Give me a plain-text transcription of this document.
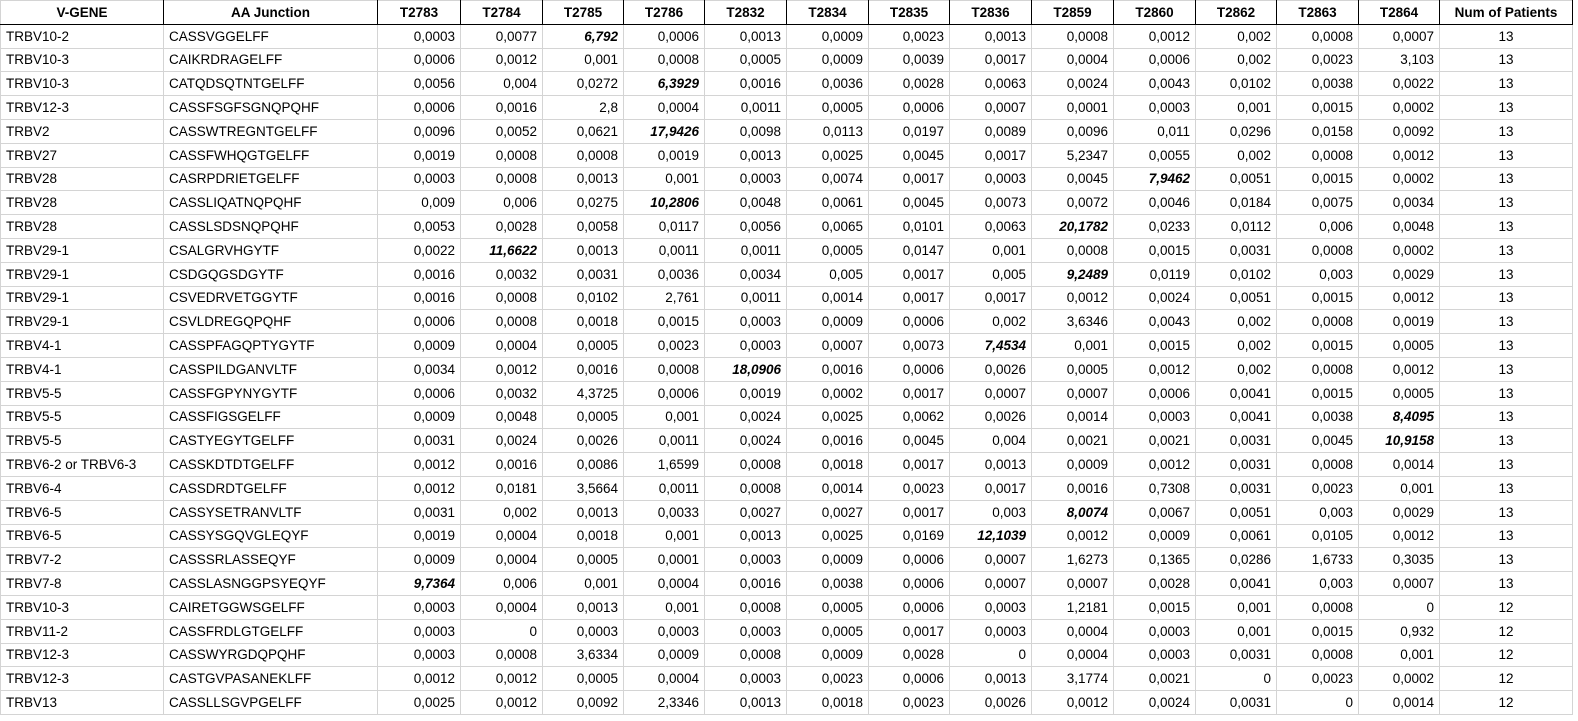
V-GENE	AA Junction	T2783	T2784	T2785	T2786	T2832	T2834	T2835	T2836	T2859	T2860	T2862	T2863	T2864	Num of Patients
TRBV10-2	CASSVGGELFF	0,0003	0,0077	6,792	0,0006	0,0013	0,0009	0,0023	0,0013	0,0008	0,0012	0,002	0,0008	0,0007	13
TRBV10-3	CAIKRDRAGELFF	0,0006	0,0012	0,001	0,0008	0,0005	0,0009	0,0039	0,0017	0,0004	0,0006	0,002	0,0023	3,103	13
TRBV10-3	CATQDSQTNTGELFF	0,0056	0,004	0,0272	6,3929	0,0016	0,0036	0,0028	0,0063	0,0024	0,0043	0,0102	0,0038	0,0022	13
TRBV12-3	CASSFSGFSGNQPQHF	0,0006	0,0016	2,8	0,0004	0,0011	0,0005	0,0006	0,0007	0,0001	0,0003	0,001	0,0015	0,0002	13
TRBV2	CASSWTREGNTGELFF	0,0096	0,0052	0,0621	17,9426	0,0098	0,0113	0,0197	0,0089	0,0096	0,011	0,0296	0,0158	0,0092	13
TRBV27	CASSFWHQGTGELFF	0,0019	0,0008	0,0008	0,0019	0,0013	0,0025	0,0045	0,0017	5,2347	0,0055	0,002	0,0008	0,0012	13
TRBV28	CASRPDRIETGELFF	0,0003	0,0008	0,0013	0,001	0,0003	0,0074	0,0017	0,0003	0,0045	7,9462	0,0051	0,0015	0,0002	13
TRBV28	CASSLIQATNQPQHF	0,009	0,006	0,0275	10,2806	0,0048	0,0061	0,0045	0,0073	0,0072	0,0046	0,0184	0,0075	0,0034	13
TRBV28	CASSLSDSNQPQHF	0,0053	0,0028	0,0058	0,0117	0,0056	0,0065	0,0101	0,0063	20,1782	0,0233	0,0112	0,006	0,0048	13
TRBV29-1	CSALGRVHGYTF	0,0022	11,6622	0,0013	0,0011	0,0011	0,0005	0,0147	0,001	0,0008	0,0015	0,0031	0,0008	0,0002	13
TRBV29-1	CSDGQGSDGYTF	0,0016	0,0032	0,0031	0,0036	0,0034	0,005	0,0017	0,005	9,2489	0,0119	0,0102	0,003	0,0029	13
TRBV29-1	CSVEDRVETGGYTF	0,0016	0,0008	0,0102	2,761	0,0011	0,0014	0,0017	0,0017	0,0012	0,0024	0,0051	0,0015	0,0012	13
TRBV29-1	CSVLDREGQPQHF	0,0006	0,0008	0,0018	0,0015	0,0003	0,0009	0,0006	0,002	3,6346	0,0043	0,002	0,0008	0,0019	13
TRBV4-1	CASSPFAGQPTYGYTF	0,0009	0,0004	0,0005	0,0023	0,0003	0,0007	0,0073	7,4534	0,001	0,0015	0,002	0,0015	0,0005	13
TRBV4-1	CASSPILDGANVLTF	0,0034	0,0012	0,0016	0,0008	18,0906	0,0016	0,0006	0,0026	0,0005	0,0012	0,002	0,0008	0,0012	13
TRBV5-5	CASSFGPYNYGYTF	0,0006	0,0032	4,3725	0,0006	0,0019	0,0002	0,0017	0,0007	0,0007	0,0006	0,0041	0,0015	0,0005	13
TRBV5-5	CASSFIGSGELFF	0,0009	0,0048	0,0005	0,001	0,0024	0,0025	0,0062	0,0026	0,0014	0,0003	0,0041	0,0038	8,4095	13
TRBV5-5	CASTYEGYTGELFF	0,0031	0,0024	0,0026	0,0011	0,0024	0,0016	0,0045	0,004	0,0021	0,0021	0,0031	0,0045	10,9158	13
TRBV6-2 or TRBV6-3	CASSKDTDTGELFF	0,0012	0,0016	0,0086	1,6599	0,0008	0,0018	0,0017	0,0013	0,0009	0,0012	0,0031	0,0008	0,0014	13
TRBV6-4	CASSDRDTGELFF	0,0012	0,0181	3,5664	0,0011	0,0008	0,0014	0,0023	0,0017	0,0016	0,7308	0,0031	0,0023	0,001	13
TRBV6-5	CASSYSETRANVLTF	0,0031	0,002	0,0013	0,0033	0,0027	0,0027	0,0017	0,003	8,0074	0,0067	0,0051	0,003	0,0029	13
TRBV6-5	CASSYSGQVGLEQYF	0,0019	0,0004	0,0018	0,001	0,0013	0,0025	0,0169	12,1039	0,0012	0,0009	0,0061	0,0105	0,0012	13
TRBV7-2	CASSSRLASSEQYF	0,0009	0,0004	0,0005	0,0001	0,0003	0,0009	0,0006	0,0007	1,6273	0,1365	0,0286	1,6733	0,3035	13
TRBV7-8	CASSLASNGGPSYEQYF	9,7364	0,006	0,001	0,0004	0,0016	0,0038	0,0006	0,0007	0,0007	0,0028	0,0041	0,003	0,0007	13
TRBV10-3	CAIRETGGWSGELFF	0,0003	0,0004	0,0013	0,001	0,0008	0,0005	0,0006	0,0003	1,2181	0,0015	0,001	0,0008	0	12
TRBV11-2	CASSFRDLGTGELFF	0,0003	0	0,0003	0,0003	0,0003	0,0005	0,0017	0,0003	0,0004	0,0003	0,001	0,0015	0,932	12
TRBV12-3	CASSWYRGDQPQHF	0,0003	0,0008	3,6334	0,0009	0,0008	0,0009	0,0028	0	0,0004	0,0003	0,0031	0,0008	0,001	12
TRBV12-3	CASTGVPASANEKLFF	0,0012	0,0012	0,0005	0,0004	0,0003	0,0023	0,0006	0,0013	3,1774	0,0021	0	0,0023	0,0002	12
TRBV13	CASSLLSGVPGELFF	0,0025	0,0012	0,0092	2,3346	0,0013	0,0018	0,0023	0,0026	0,0012	0,0024	0,0031	0	0,0014	12
